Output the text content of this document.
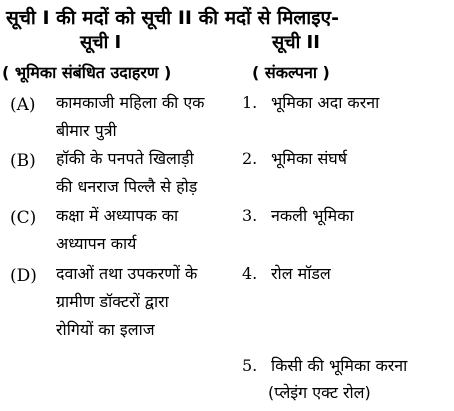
सूची I की मदों को सूची II की मदों से मिलाइए-
सूची I	सूची II
( भूमिका संबंधित उदाहरण )	( संकल्पना )
(A) कामकाजी महिला की एक
बीमार पुत्री
(B) हॉकी के पनपते खिलाड़ी
की धनराज पिल्लै से होड़
(C) कक्षा में अध्यापक का
अध्यापन कार्य
(D) दवाओं तथा उपकरणों के
ग्रामीण डॉक्टरों द्वारा
रोगियों का इलाज
1. भूमिका अदा करना
2. भूमिका संघर्ष
3. नकली भूमिका
4. रोल मॉडल
5. किसी की भूमिका करना
(प्लेइंग एक्ट रोल)
